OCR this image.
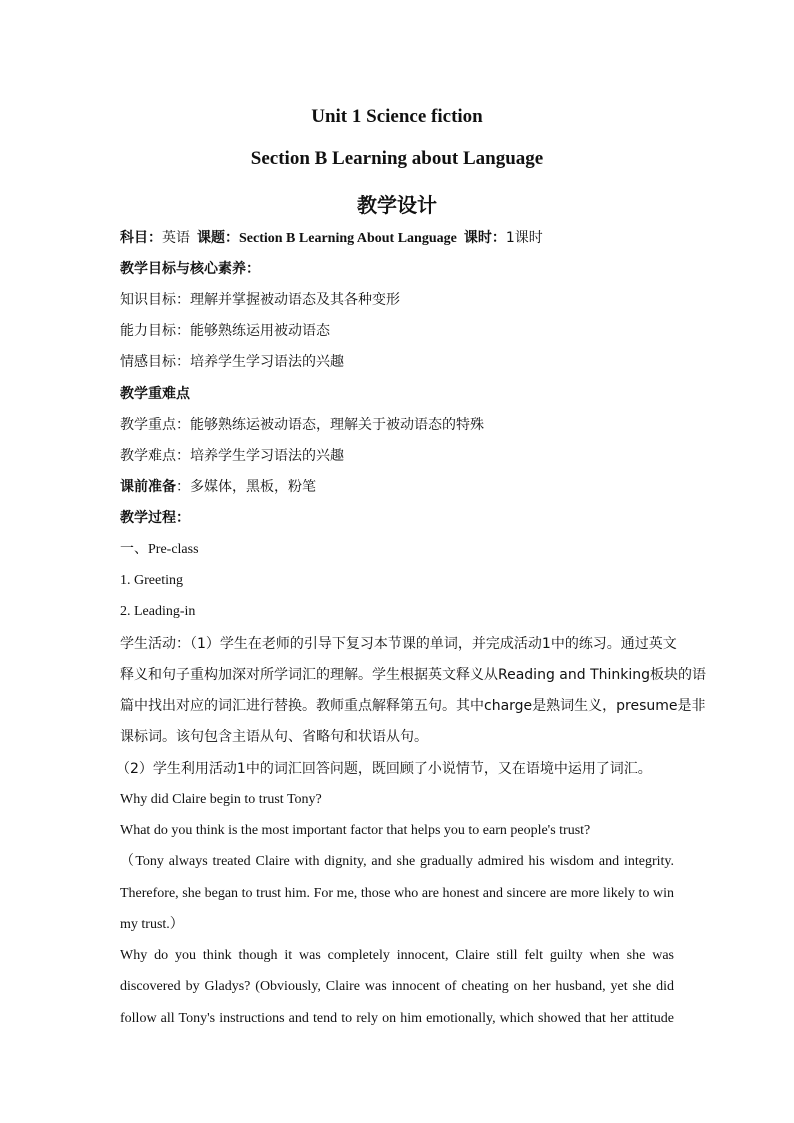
Unit 1 Science fiction
Section B Learning about Language
教学设计
科目：英语 课题：Section B Learning About Language 课时：1课时
教学目标与核心素养：
知识目标：理解并掌握被动语态及其各种变形
能力目标：能够熟练运用被动语态
情感目标：培养学生学习语法的兴趣
教学重难点
教学重点：能够熟练运被动语态，理解关于被动语态的特殊
教学难点：培养学生学习语法的兴趣
课前准备：多媒体，黑板，粉笔
教学过程：
一、Pre-class
1. Greeting
2. Leading-in
学生活动：（1）学生在老师的引导下复习本节课的单词，并完成活动1中的练习。通过英文
释义和句子重构加深对所学词汇的理解。学生根据英文释义从Reading and Thinking板块的语
篇中找出对应的词汇进行替换。教师重点解释第五句。其中charge是熟词生义，presume是非
课标词。该句包含主语从句、省略句和状语从句。
（2）学生利用活动1中的词汇回答问题，既回顾了小说情节，又在语境中运用了词汇。
Why did Claire begin to trust Tony?
What do you think is the most important factor that helps you to earn people's trust?
（Tony always treated Claire with dignity, and she gradually admired his wisdom and integrity.
Therefore, she began to trust him. For me, those who are honest and sincere are more likely to win
my trust.）
Why do you think though it was completely innocent, Claire still felt guilty when she was
discovered by Gladys? (Obviously, Claire was innocent of cheating on her husband, yet she did
follow all Tony's instructions and tend to rely on him emotionally, which showed that her attitude
